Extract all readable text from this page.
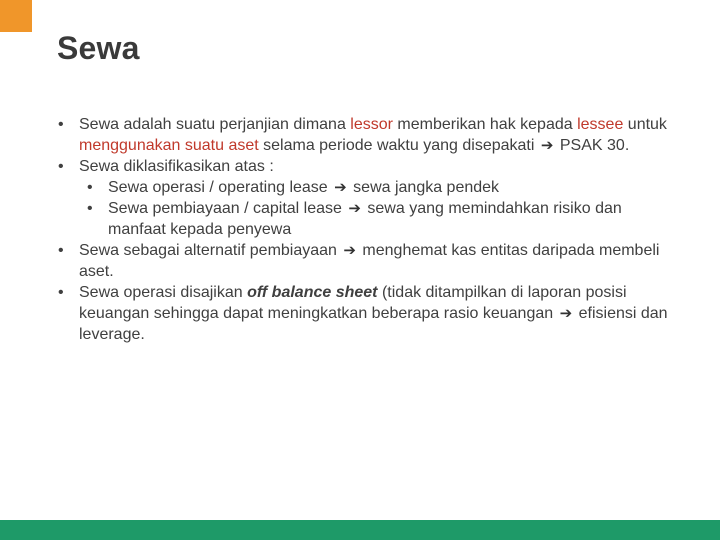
Sewa
• Sewa adalah suatu perjanjian dimana lessor memberikan hak kepada lessee untuk menggunakan suatu aset selama periode waktu yang disepakati ➔ PSAK 30.
• Sewa diklasifikasikan atas :
• Sewa operasi / operating lease ➔ sewa jangka pendek
• Sewa pembiayaan / capital lease ➔ sewa yang memindahkan risiko dan manfaat kepada penyewa
• Sewa sebagai alternatif pembiayaan ➔ menghemat kas entitas daripada membeli aset.
• Sewa operasi disajikan off balance sheet (tidak ditampilkan di laporan posisi keuangan sehingga dapat meningkatkan beberapa rasio keuangan ➔ efisiensi dan leverage.
